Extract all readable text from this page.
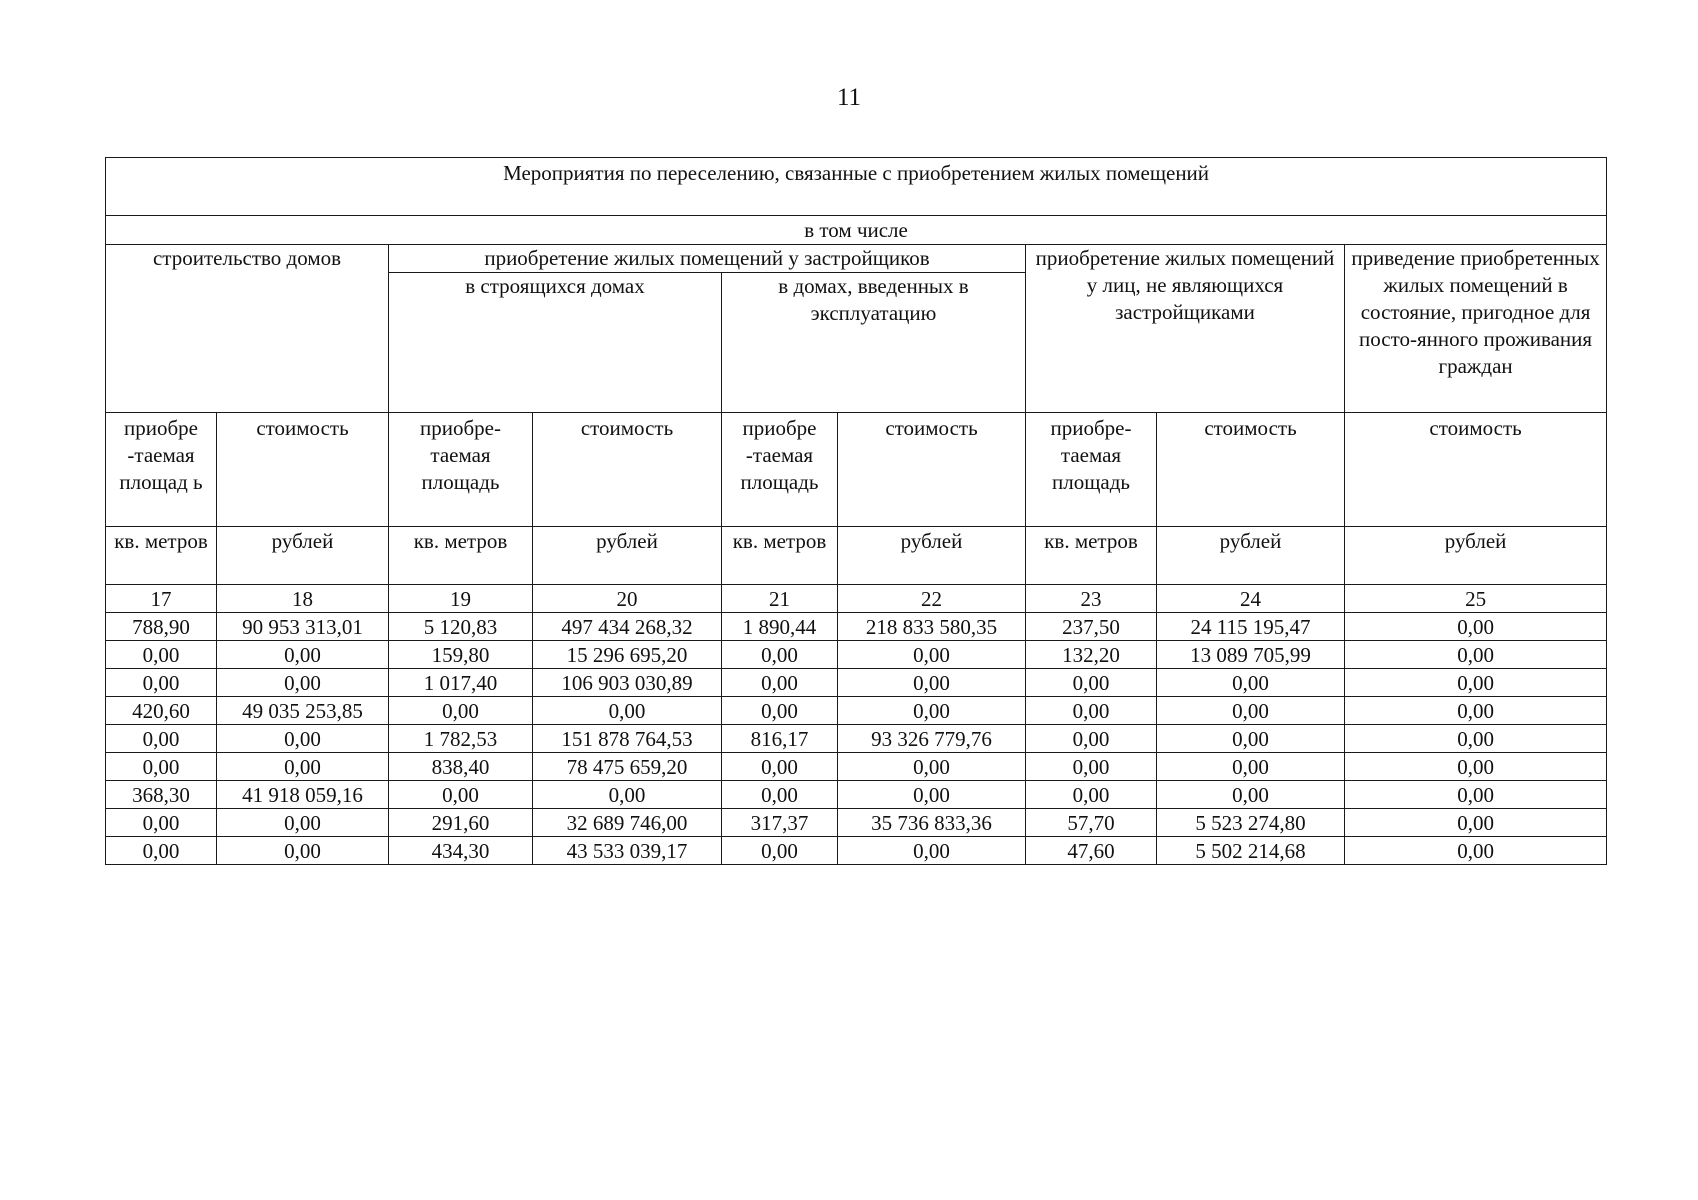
11
Мероприятия по переселению, связанные с приобретением жилых помещений								
в том числе								
строительство домов		приобретение жилых помещений у застройщиков				приобретение жилых помещений у лиц, не являющихся застройщиками		приведение приобретенных жилых помещений в состояние, пригодное для посто-янного проживания граждан
		в строящихся домах		в домах, введенных в эксплуатацию				
приобре -таемая площад ь	стоимость	приобре-таемая площадь	стоимость	приобре -таемая площадь	стоимость	приобре-таемая площадь	стоимость	стоимость
кв. метров	рублей	кв. метров	рублей	кв. метров	рублей	кв. метров	рублей	рублей
17	18	19	20	21	22	23	24	25
788,90	90 953 313,01	5 120,83	497 434 268,32	1 890,44	218 833 580,35	237,50	24 115 195,47	0,00
0,00	0,00	159,80	15 296 695,20	0,00	0,00	132,20	13 089 705,99	0,00
0,00	0,00	1 017,40	106 903 030,89	0,00	0,00	0,00	0,00	0,00
420,60	49 035 253,85	0,00	0,00	0,00	0,00	0,00	0,00	0,00
0,00	0,00	1 782,53	151 878 764,53	816,17	93 326 779,76	0,00	0,00	0,00
0,00	0,00	838,40	78 475 659,20	0,00	0,00	0,00	0,00	0,00
368,30	41 918 059,16	0,00	0,00	0,00	0,00	0,00	0,00	0,00
0,00	0,00	291,60	32 689 746,00	317,37	35 736 833,36	57,70	5 523 274,80	0,00
0,00	0,00	434,30	43 533 039,17	0,00	0,00	47,60	5 502 214,68	0,00
